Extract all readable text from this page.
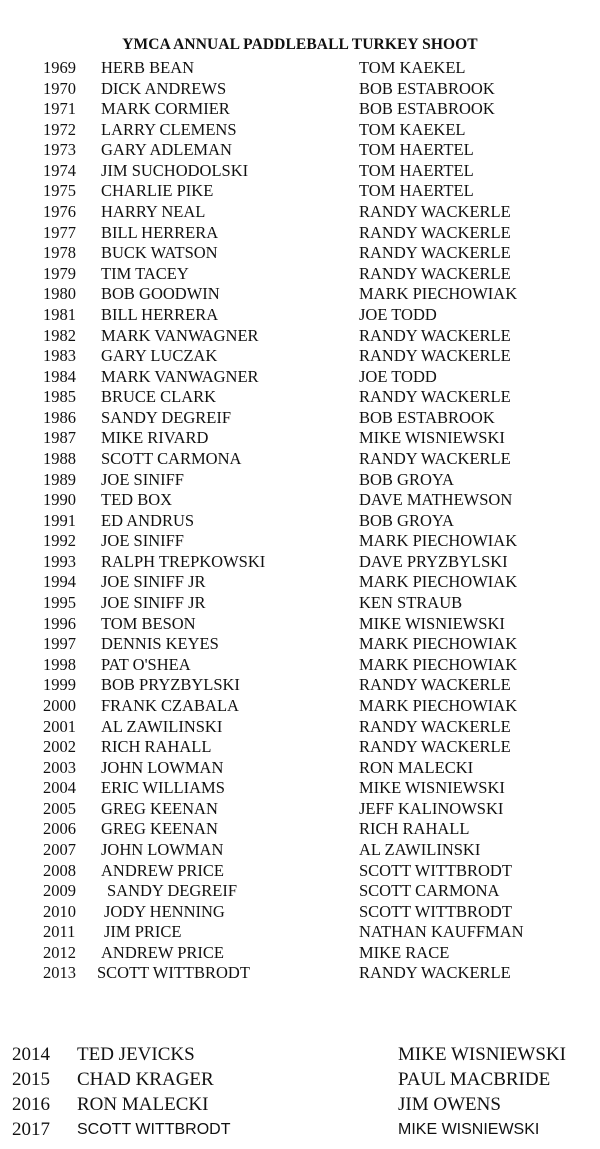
YMCA ANNUAL PADDLEBALL TURKEY SHOOT
1969 HERB BEAN	TOM KAEKEL
1970 DICK ANDREWS	BOB ESTABROOK
1971 MARK CORMIER	BOB ESTABROOK
1972 LARRY CLEMENS	TOM KAEKEL
1973 GARY ADLEMAN	TOM HAERTEL
1974 JIM SUCHODOLSKI	TOM HAERTEL
1975 CHARLIE PIKE	TOM HAERTEL
1976 HARRY NEAL	RANDY WACKERLE
1977 BILL HERRERA	RANDY WACKERLE
1978 BUCK WATSON	RANDY WACKERLE
1979 TIM TACEY	RANDY WACKERLE
1980 BOB GOODWIN	MARK PIECHOWIAK
1981 BILL HERRERA	JOE TODD
1982 MARK VANWAGNER	RANDY WACKERLE
1983 GARY LUCZAK	RANDY WACKERLE
1984 MARK VANWAGNER	JOE TODD
1985 BRUCE CLARK	RANDY WACKERLE
1986 SANDY DEGREIF	BOB ESTABROOK
1987 MIKE RIVARD	MIKE WISNIEWSKI
1988 SCOTT CARMONA	RANDY WACKERLE
1989 JOE SINIFF	BOB GROYA
1990 TED BOX	DAVE MATHEWSON
1991 ED ANDRUS	BOB GROYA
1992 JOE SINIFF	MARK PIECHOWIAK
1993 RALPH TREPKOWSKI	DAVE PRYZBYLSKI
1994 JOE SINIFF JR	MARK PIECHOWIAK
1995 JOE SINIFF JR	KEN STRAUB
1996 TOM BESON	MIKE WISNIEWSKI
1997 DENNIS KEYES	MARK PIECHOWIAK
1998 PAT O'SHEA	MARK PIECHOWIAK
1999 BOB PRYZBYLSKI	RANDY WACKERLE
2000 FRANK CZABALA	MARK PIECHOWIAK
2001 AL ZAWILINSKI	RANDY WACKERLE
2002 RICH RAHALL	RANDY WACKERLE
2003 JOHN LOWMAN	RON MALECKI
2004 ERIC WILLIAMS	MIKE WISNIEWSKI
2005 GREG KEENAN	JEFF KALINOWSKI
2006 GREG KEENAN	RICH RAHALL
2007 JOHN LOWMAN	AL ZAWILINSKI
2008 ANDREW PRICE	SCOTT WITTBRODT
2009 SANDY DEGREIF	SCOTT CARMONA
2010 JODY HENNING	SCOTT WITTBRODT
2011 JIM PRICE	NATHAN KAUFFMAN
2012 ANDREW PRICE	MIKE RACE
2013 SCOTT WITTBRODT	RANDY WACKERLE
2014 TED JEVICKS	MIKE WISNIEWSKI
2015 CHAD KRAGER	PAUL MACBRIDE
2016 RON MALECKI	JIM OWENS
2017 SCOTT WITTBRODT	MIKE WISNIEWSKI
